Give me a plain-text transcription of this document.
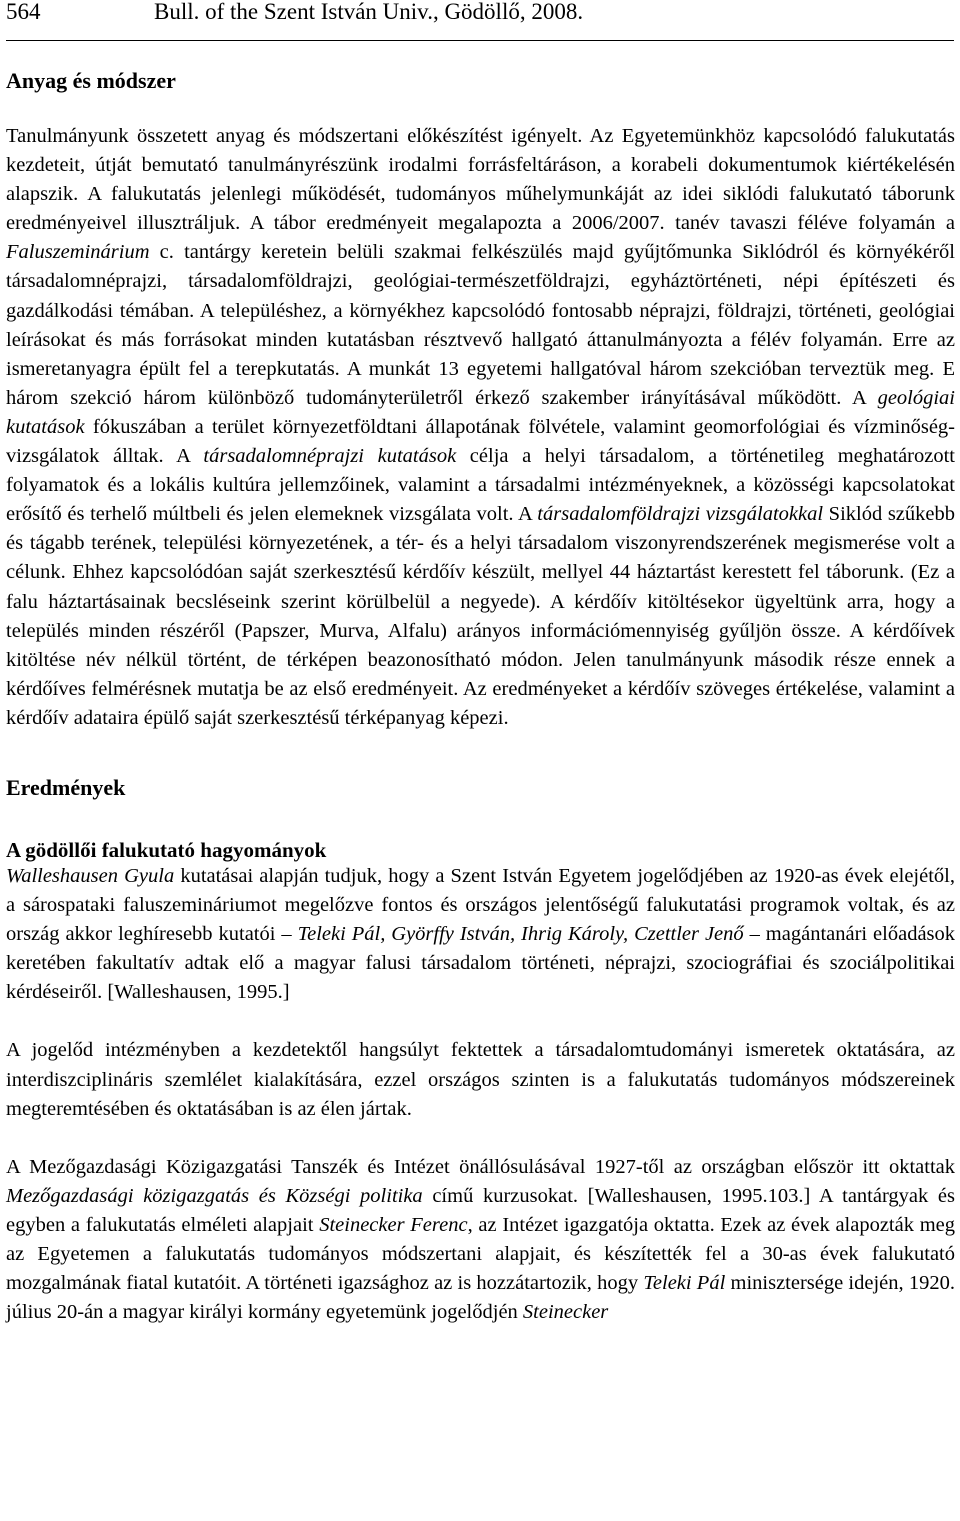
564	Bull. of the Szent István Univ., Gödöllő, 2008.
Anyag és módszer

Tanulmányunk összetett anyag és módszertani előkészítést igényelt. Az Egyetemünkhöz kapcsolódó falukutatás kezdeteit, útját bemutató tanulmányrészünk irodalmi forrásfeltáráson, a korabeli dokumentumok kiértékelésén alapszik. A falukutatás jelenlegi működését, tudományos műhelymunkáját az idei siklódi falukutató táborunk eredményeivel illusztráljuk. A tábor eredményeit megalapozta a 2006/2007. tanév tavaszi féléve folyamán a Faluszeminárium c. tantárgy keretein belüli szakmai felkészülés majd gyűjtőmunka Siklódról és környékéről társadalomnéprajzi, társadalomföldrajzi, geológiai-természetföldrajzi, egyháztörténeti, népi építészeti és gazdálkodási témában. A településhez, a környékhez kapcsolódó fontosabb néprajzi, földrajzi, történeti, geológiai leírásokat és más forrásokat minden kutatásban résztvevő hallgató áttanulmányozta a félév folyamán. Erre az ismeretanyagra épült fel a terepkutatás. A munkát 13 egyetemi hallgatóval három szekcióban terveztük meg. E három szekció három különböző tudományterületről érkező szakember irányításával működött. A geológiai kutatások fókuszában a terület környezetföldtani állapotának fölvétele, valamint geomorfológiai és vízminőség-vizsgálatok álltak. A társadalomnéprajzi kutatások célja a helyi társadalom, a történetileg meghatározott folyamatok és a lokális kultúra jellemzőinek, valamint a társadalmi intézményeknek, a közösségi kapcsolatokat erősítő és terhelő múltbeli és jelen elemeknek vizsgálata volt. A társadalomföldrajzi vizsgálatokkal Siklód szűkebb és tágabb terének, települési környezetének, a tér- és a helyi társadalom viszonyrendszerének megismerése volt a célunk. Ehhez kapcsolódóan saját szerkesztésű kérdőív készült, mellyel 44 háztartást kerestett fel táborunk. (Ez a falu háztartásainak becsléseink szerint körülbelül a negyede). A kérdőív kitöltésekor ügyeltünk arra, hogy a település minden részéről (Papszer, Murva, Alfalu) arányos információmennyiség gyűljön össze. A kérdőívek kitöltése név nélkül történt, de térképen beazonosítható módon. Jelen tanulmányunk második része ennek a kérdőíves felmérésnek mutatja be az első eredményeit. Az eredményeket a kérdőív szöveges értékelése, valamint a kérdőív adataira épülő saját szerkesztésű térképanyag képezi.

Eredmények
A gödöllői falukutató hagyományok

Walleshausen Gyula kutatásai alapján tudjuk, hogy a Szent István Egyetem jogelődjében az 1920-as évek elejétől, a sárospataki faluszemináriumot megelőzve fontos és országos jelentőségű falukutatási programok voltak, és az ország akkor leghíresebb kutatói – Teleki Pál, Györffy István, Ihrig Károly, Czettler Jenő – magántanári előadások keretében fakultatív adtak elő a magyar falusi társadalom történeti, néprajzi, szociográfiai és szociálpolitikai kérdéseiről. [Walleshausen, 1995.]

A jogelőd intézményben a kezdetektől hangsúlyt fektettek a társadalomtudományi ismeretek oktatására, az interdiszciplináris szemlélet kialakítására, ezzel országos szinten is a falukutatás tudományos módszereinek megteremtésében és oktatásában is az élen jártak.

A Mezőgazdasági Közigazgatási Tanszék és Intézet önállósulásával 1927-től az országban először itt oktattak Mezőgazdasági közigazgatás és Községi politika című kurzusokat. [Walleshausen, 1995.103.] A tantárgyak és egyben a falukutatás elméleti alapjait Steinecker Ferenc, az Intézet igazgatója oktatta. Ezek az évek alapozták meg az Egyetemen a falukutatás tudományos módszertani alapjait, és készítették fel a 30-as évek falukutató mozgalmának fiatal kutatóit. A történeti igazsághoz az is hozzátartozik, hogy Teleki Pál minisztersége idején, 1920. július 20-án a magyar királyi kormány egyetemünk jogelődjén Steinecker
